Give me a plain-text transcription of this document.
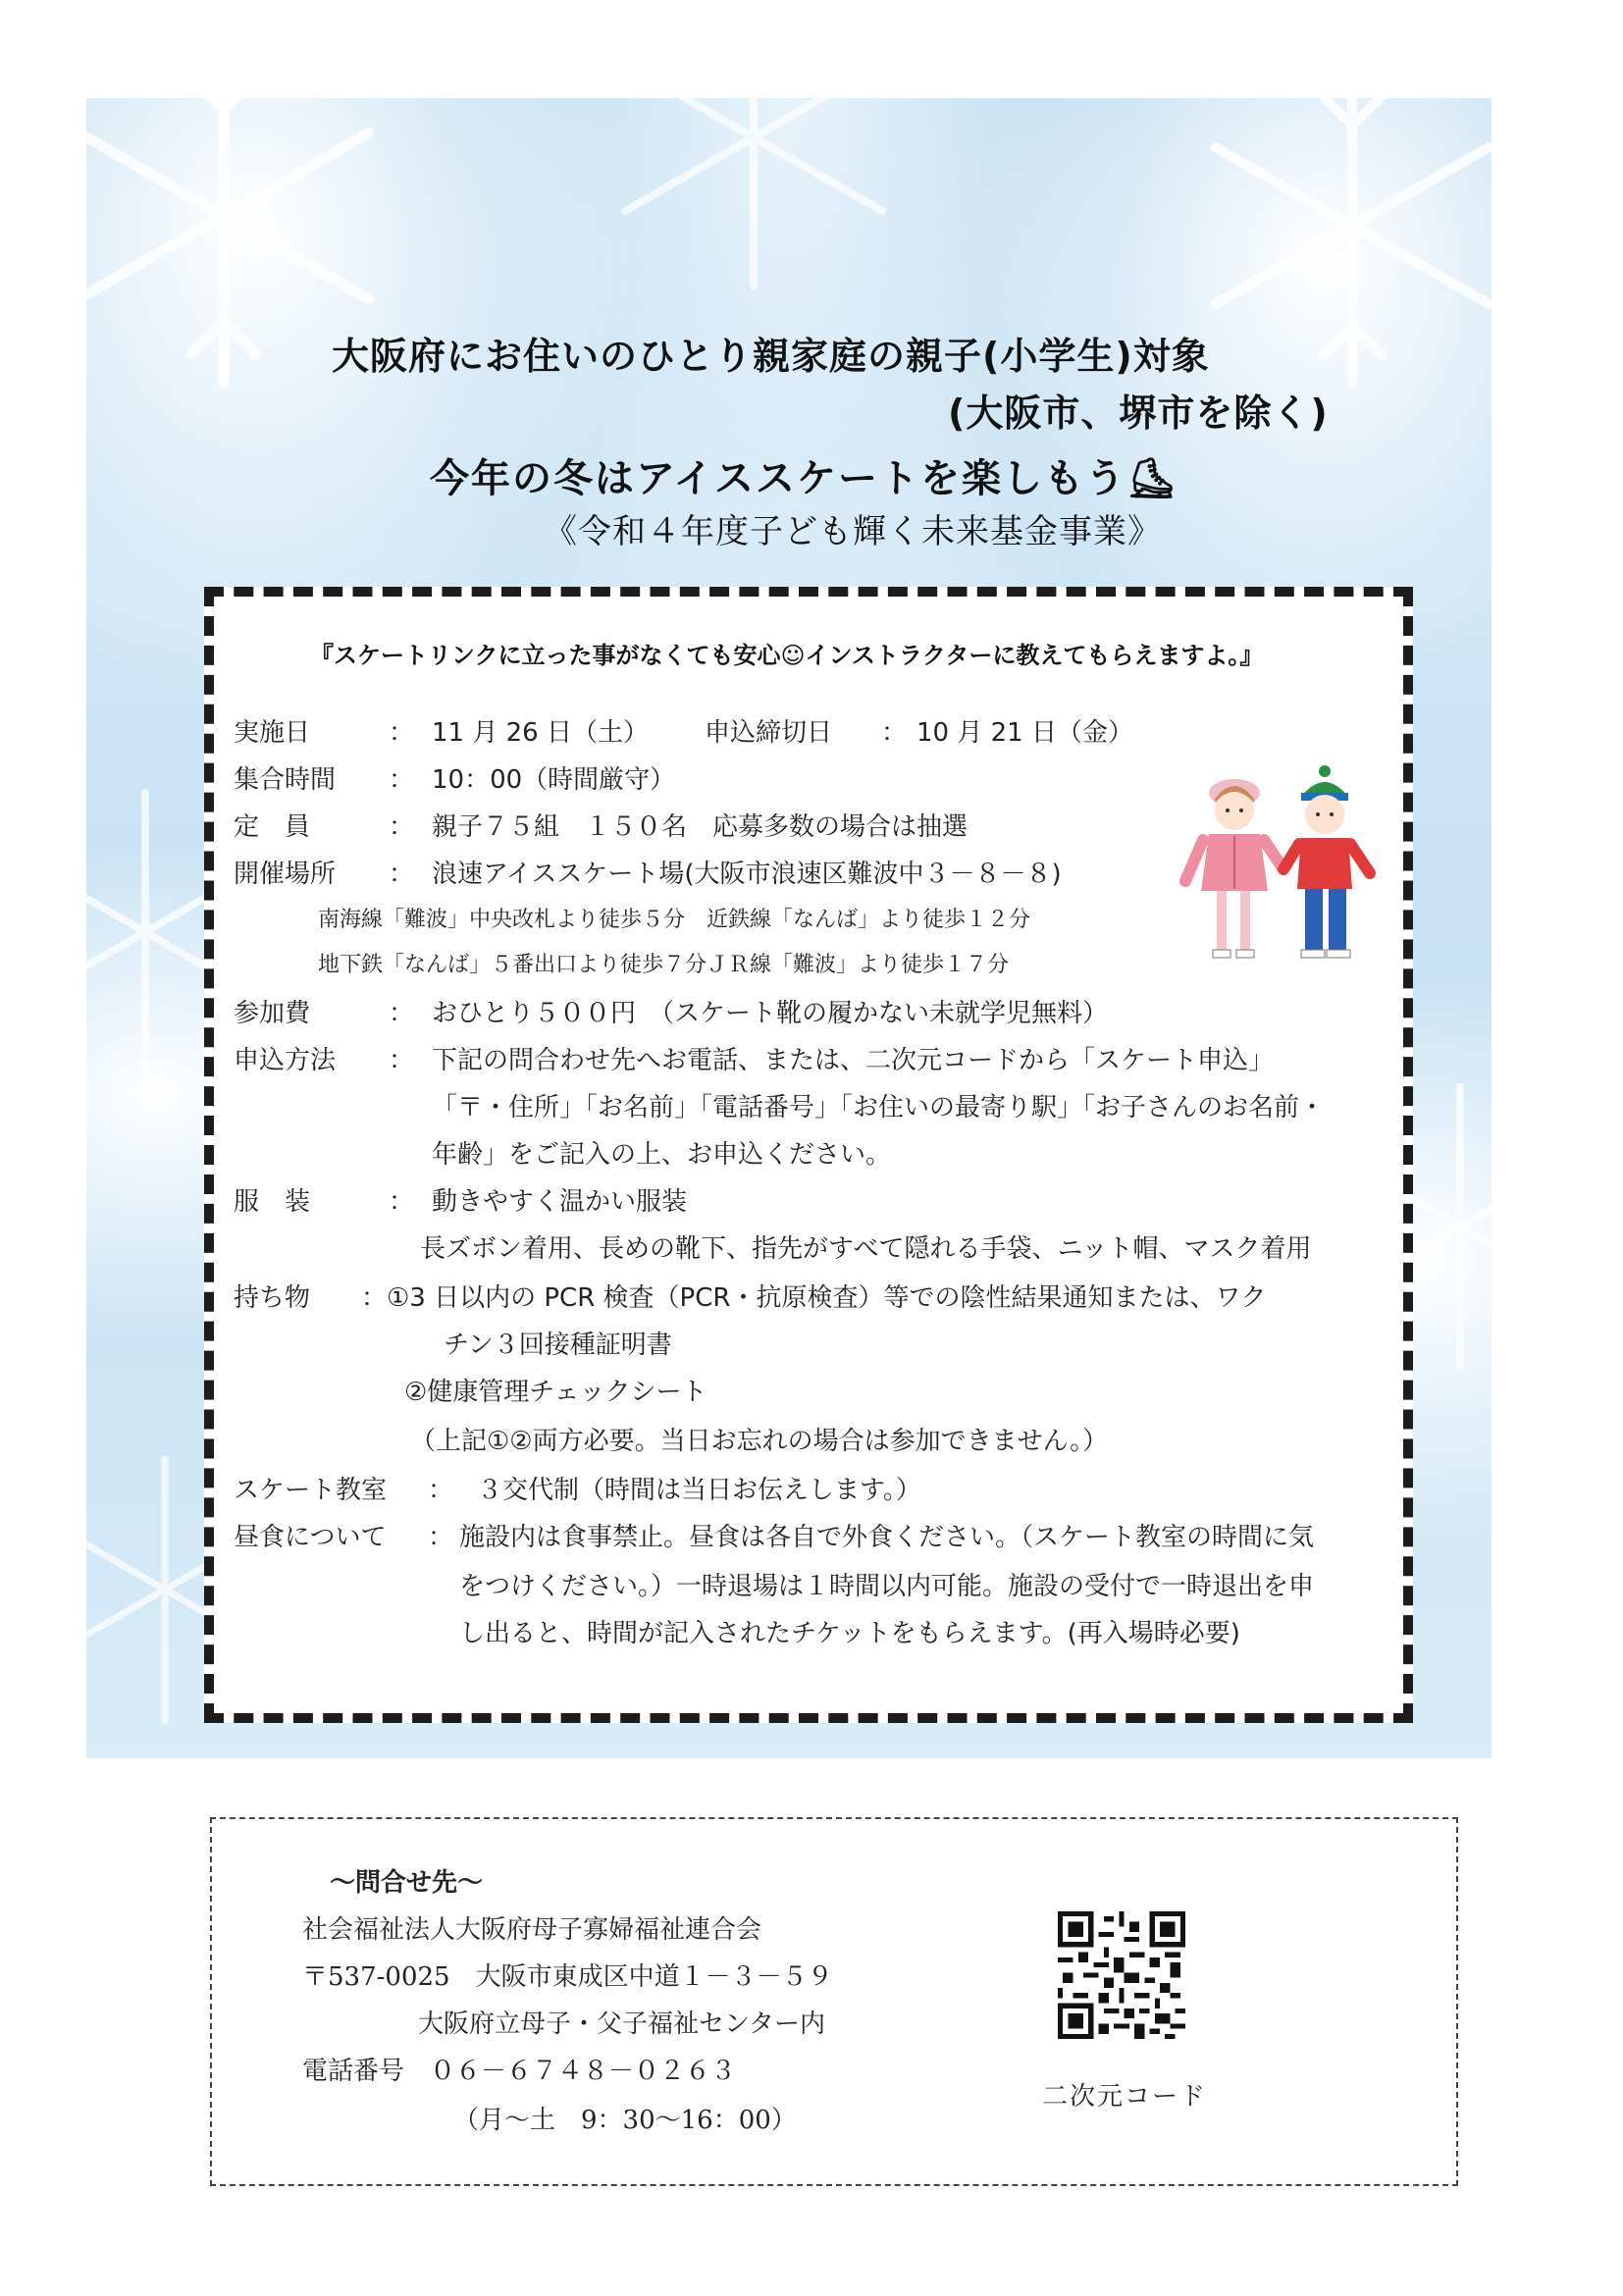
大阪府にお住いのひとり親家庭の親子(小学生)対象
(大阪市、堺市を除く)
今年の冬はアイススケートを楽しもう⛸
《令和４年度子ども輝く未来基金事業》
『スケートリンクに立った事がなくても安心☺インストラクターに教えてもらえますよ。』
実施日	： 11 月 26 日（土） 申込締切日 ： 10 月 21 日（金）
集合時間 ： 10：00（時間厳守）
定　員	： 親子７５組　１５０名　応募多数の場合は抽選
開催場所 ： 浪速アイススケート場(大阪市浪速区難波中３－８－８)
南海線「難波」中央改札より徒歩５分　近鉄線「なんば」より徒歩１２分
地下鉄「なんば」５番出口より徒歩７分ＪＲ線「難波」より徒歩１７分
参加費	： おひとり５００円　（スケート靴の履かない未就学児無料）
申込方法 ： 下記の問合わせ先へお電話、または、二次元コードから「スケート申込」
「〒・住所」「お名前」「電話番号」「お住いの最寄り駅」「お子さんのお名前・
年齢」をご記入の上、お申込ください。
服　装	： 動きやすく温かい服装
長ズボン着用、長めの靴下、指先がすべて隠れる手袋、ニット帽、マスク着用
持ち物 ：①3 日以内の PCR 検査（PCR・抗原検査）等での陰性結果通知または、ワク
チン３回接種証明書
②健康管理チェックシート
（上記①②両方必要。当日お忘れの場合は参加できません。）
スケート教室 ： ３交代制（時間は当日お伝えします。）
昼食について ： 施設内は食事禁止。昼食は各自で外食ください。（スケート教室の時間に気
をつけください。）一時退場は１時間以内可能。施設の受付で一時退出を申
し出ると、時間が記入されたチケットをもらえます。(再入場時必要)
～問合せ先～
社会福祉法人大阪府母子寡婦福祉連合会
〒537-0025　大阪市東成区中道１－３－５９
大阪府立母子・父子福祉センター内
電話番号　０６－６７４８－０２６３
（月～土　9：30～16：00）
二次元コード
